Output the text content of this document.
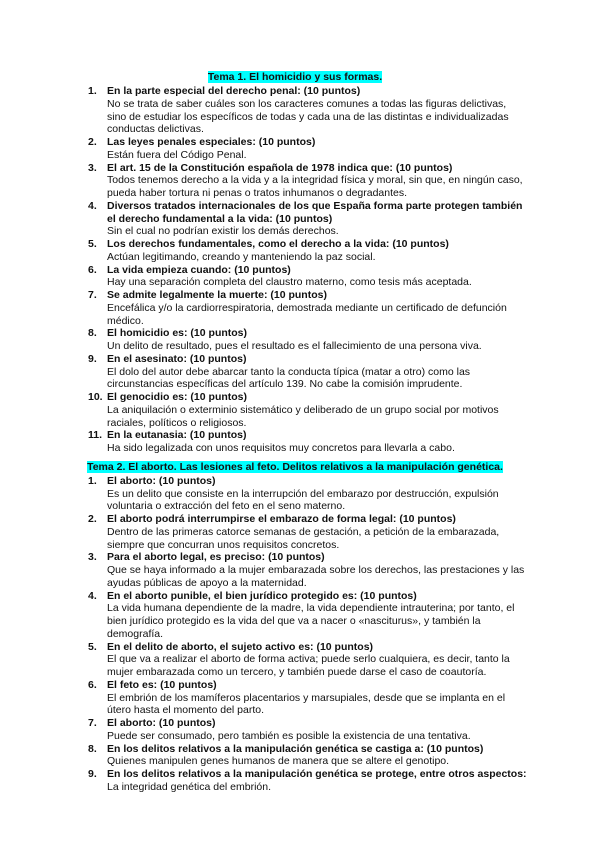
Tema 1. El homicidio y sus formas.
1. En la parte especial del derecho penal: (10 puntos)
No se trata de saber cuáles son los caracteres comunes a todas las figuras delictivas, sino de estudiar los específicos de todas y cada una de las distintas e individualizadas conductas delictivas.
2. Las leyes penales especiales: (10 puntos)
Están fuera del Código Penal.
3. El art. 15 de la Constitución española de 1978 indica que: (10 puntos)
Todos tenemos derecho a la vida y a la integridad física y moral, sin que, en ningún caso, pueda haber tortura ni penas o tratos inhumanos o degradantes.
4. Diversos tratados internacionales de los que España forma parte protegen también el derecho fundamental a la vida: (10 puntos)
Sin el cual no podrían existir los demás derechos.
5. Los derechos fundamentales, como el derecho a la vida: (10 puntos)
Actúan legitimando, creando y manteniendo la paz social.
6. La vida empieza cuando: (10 puntos)
Hay una separación completa del claustro materno, como tesis más aceptada.
7. Se admite legalmente la muerte: (10 puntos)
Encefálica y/o la cardiorrespiratoria, demostrada mediante un certificado de defunción médico.
8. El homicidio es: (10 puntos)
Un delito de resultado, pues el resultado es el fallecimiento de una persona viva.
9. En el asesinato: (10 puntos)
El dolo del autor debe abarcar tanto la conducta típica (matar a otro) como las circunstancias específicas del artículo 139. No cabe la comisión imprudente.
10. El genocidio es: (10 puntos)
La aniquilación o exterminio sistemático y deliberado de un grupo social por motivos raciales, políticos o religiosos.
11. En la eutanasia: (10 puntos)
Ha sido legalizada con unos requisitos muy concretos para llevarla a cabo.
Tema 2. El aborto. Las lesiones al feto. Delitos relativos a la manipulación genética.
1. El aborto: (10 puntos)
Es un delito que consiste en la interrupción del embarazo por destrucción, expulsión voluntaria o extracción del feto en el seno materno.
2. El aborto podrá interrumpirse el embarazo de forma legal: (10 puntos)
Dentro de las primeras catorce semanas de gestación, a petición de la embarazada, siempre que concurran unos requisitos concretos.
3. Para el aborto legal, es preciso: (10 puntos)
Que se haya informado a la mujer embarazada sobre los derechos, las prestaciones y las ayudas públicas de apoyo a la maternidad.
4. En el aborto punible, el bien jurídico protegido es: (10 puntos)
La vida humana dependiente de la madre, la vida dependiente intrauterina; por tanto, el bien jurídico protegido es la vida del que va a nacer o «nasciturus», y también la demografía.
5. En el delito de aborto, el sujeto activo es: (10 puntos)
El que va a realizar el aborto de forma activa; puede serlo cualquiera, es decir, tanto la mujer embarazada como un tercero, y también puede darse el caso de coautoría.
6. El feto es: (10 puntos)
El embrión de los mamíferos placentarios y marsupiales, desde que se implanta en el útero hasta el momento del parto.
7. El aborto: (10 puntos)
Puede ser consumado, pero también es posible la existencia de una tentativa.
8. En los delitos relativos a la manipulación genética se castiga a: (10 puntos)
Quienes manipulen genes humanos de manera que se altere el genotipo.
9. En los delitos relativos a la manipulación genética se protege, entre otros aspectos:
La integridad genética del embrión.
